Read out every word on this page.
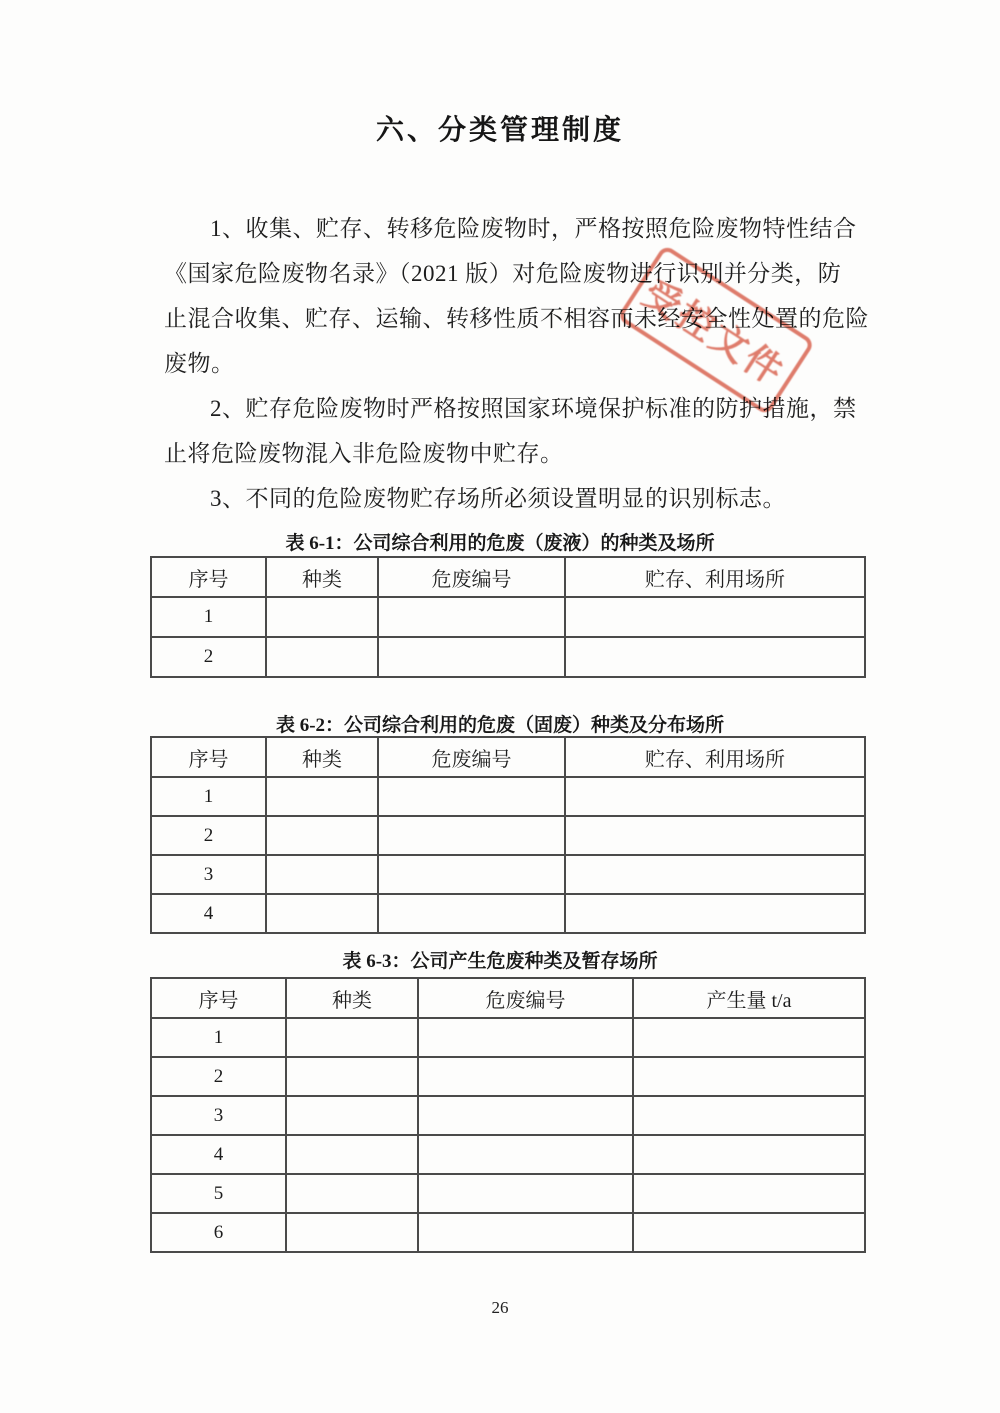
六、分类管理制度
1、收集、贮存、转移危险废物时，严格按照危险废物特性结合
《国家危险废物名录》（2021 版）对危险废物进行识别并分类，防
止混合收集、贮存、运输、转移性质不相容而未经安全性处置的危险
废物。
2、贮存危险废物时严格按照国家环境保护标准的防护措施，禁
止将危险废物混入非危险废物中贮存。
3、不同的危险废物贮存场所必须设置明显的识别标志。
受控文件
表 6-1：公司综合利用的危废（废液）的种类及场所
序号	种类	危废编号	贮存、利用场所
1			
2			
表 6-2：公司综合利用的危废（固废）种类及分布场所
序号	种类	危废编号	贮存、利用场所
1			
2			
3			
4			
表 6-3：公司产生危废种类及暂存场所
序号	种类	危废编号	产生量 t/a
1			
2			
3			
4			
5			
6			
26
